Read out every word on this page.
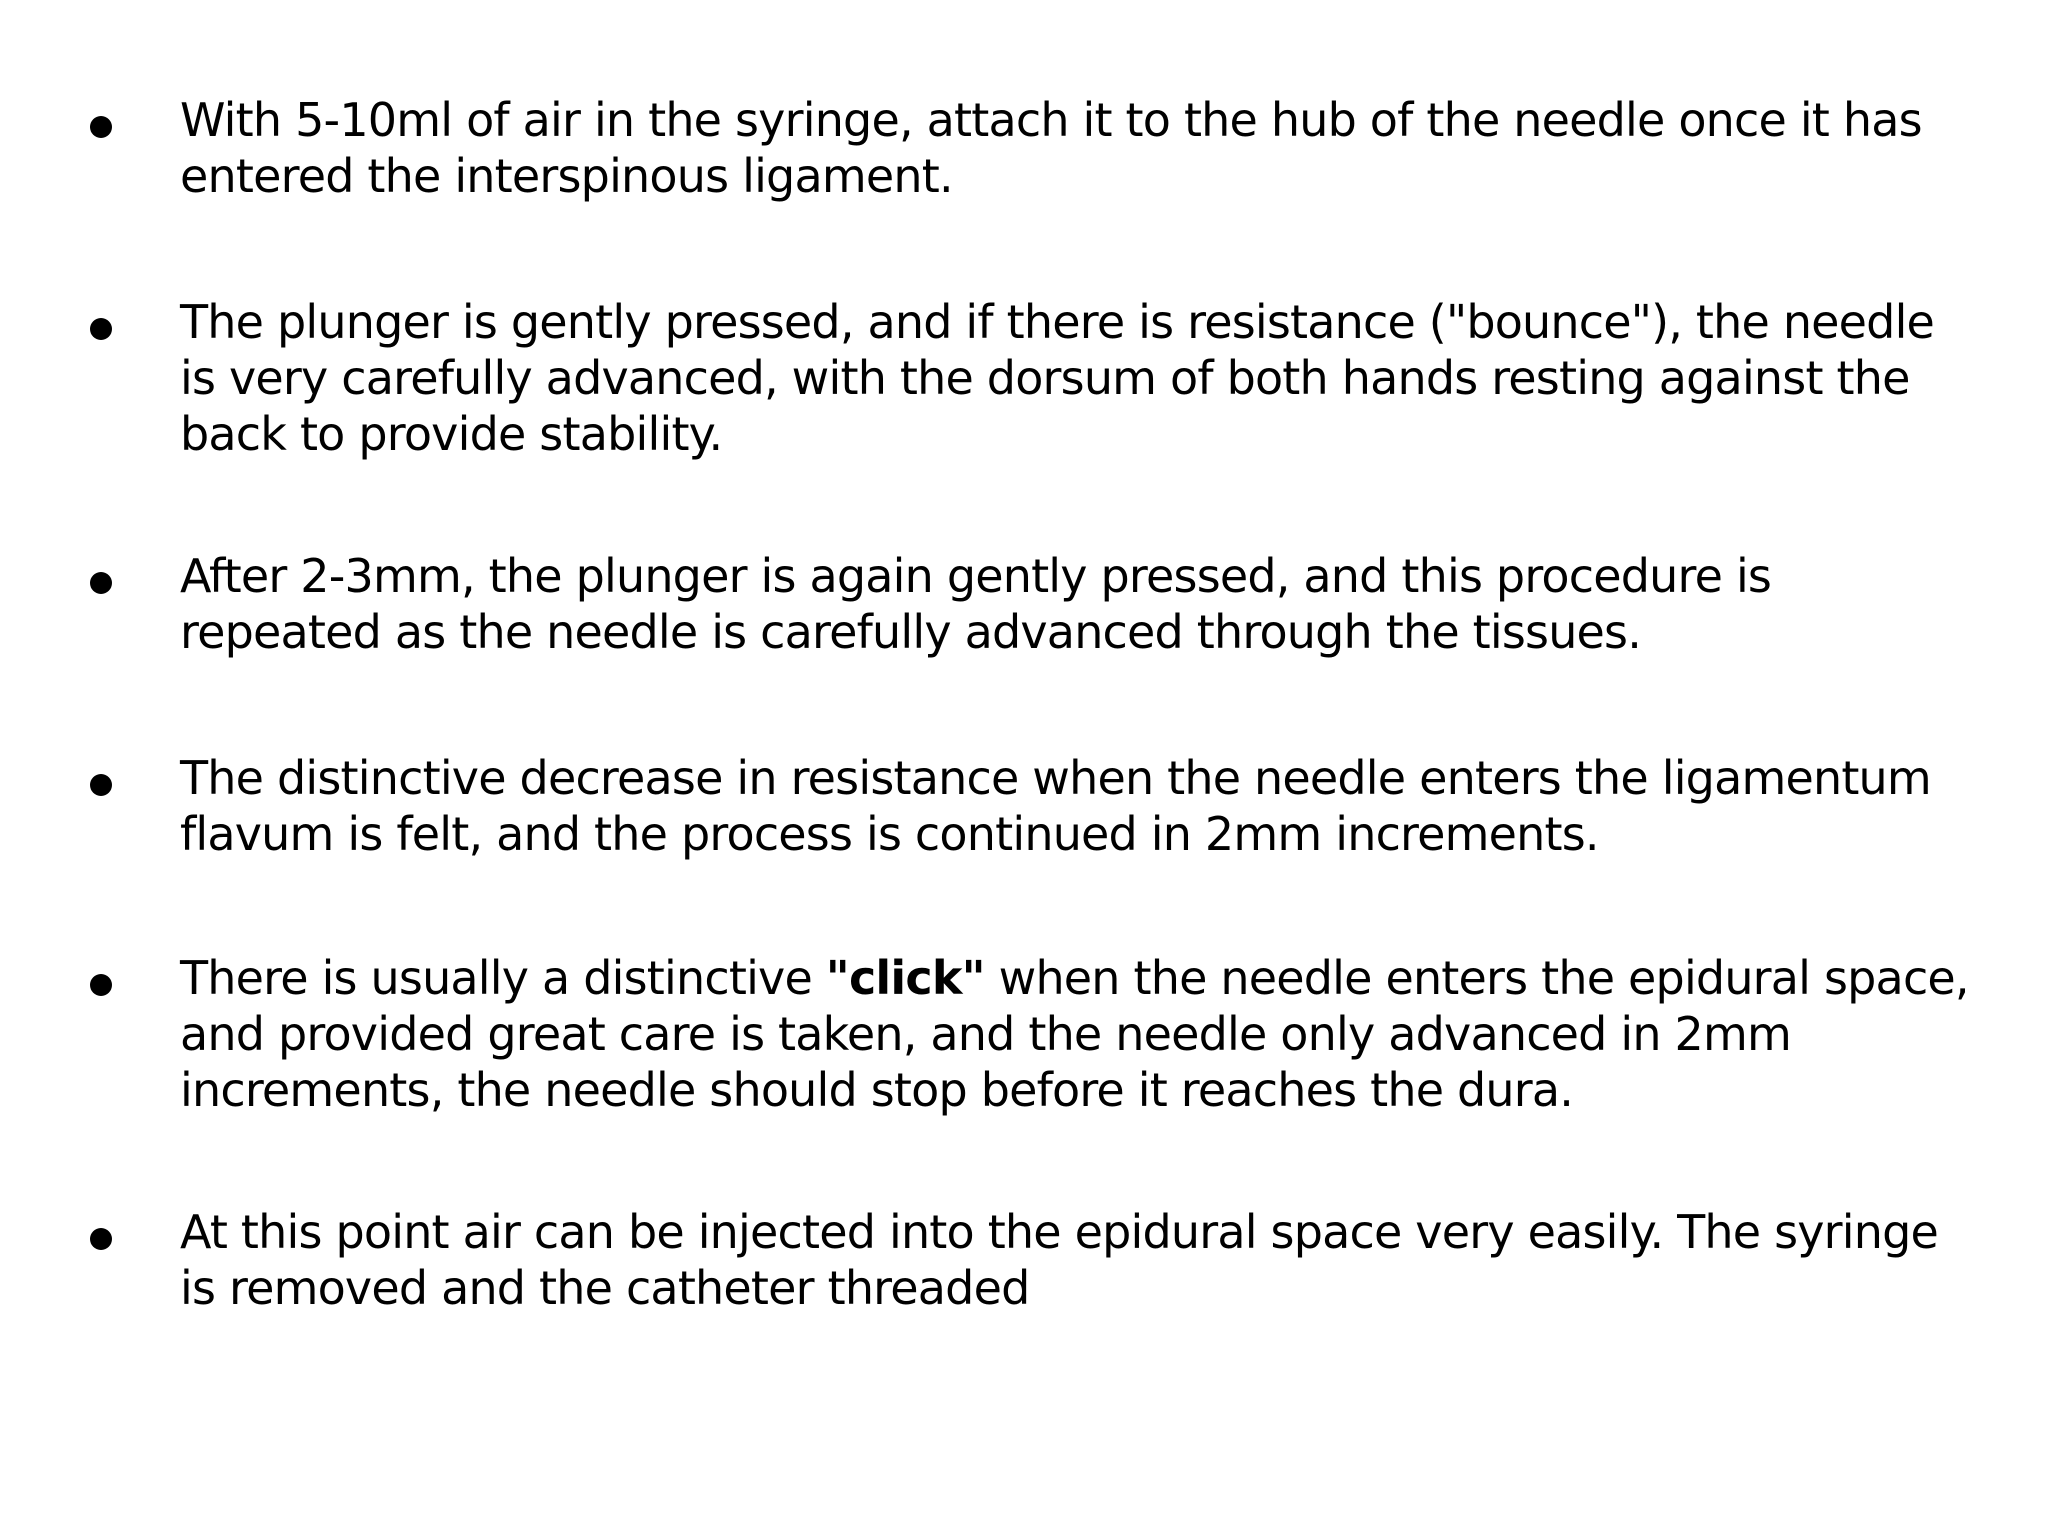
With 5-10ml of air in the syringe, attach it to the hub of the needle once it has entered the interspinous ligament.

The plunger is gently pressed, and if there is resistance ("bounce"), the needle is very carefully advanced, with the dorsum of both hands resting against the back to provide stability.

After 2-3mm, the plunger is again gently pressed, and this procedure is repeated as the needle is carefully advanced through the tissues.

The distinctive decrease in resistance when the needle enters the ligamentum flavum is felt, and the process is continued in 2mm increments.

There is usually a distinctive "click" when the needle enters the epidural space, and provided great care is taken, and the needle only advanced in 2mm increments, the needle should stop before it reaches the dura.

At this point air can be injected into the epidural space very easily. The syringe is removed and the catheter threaded
